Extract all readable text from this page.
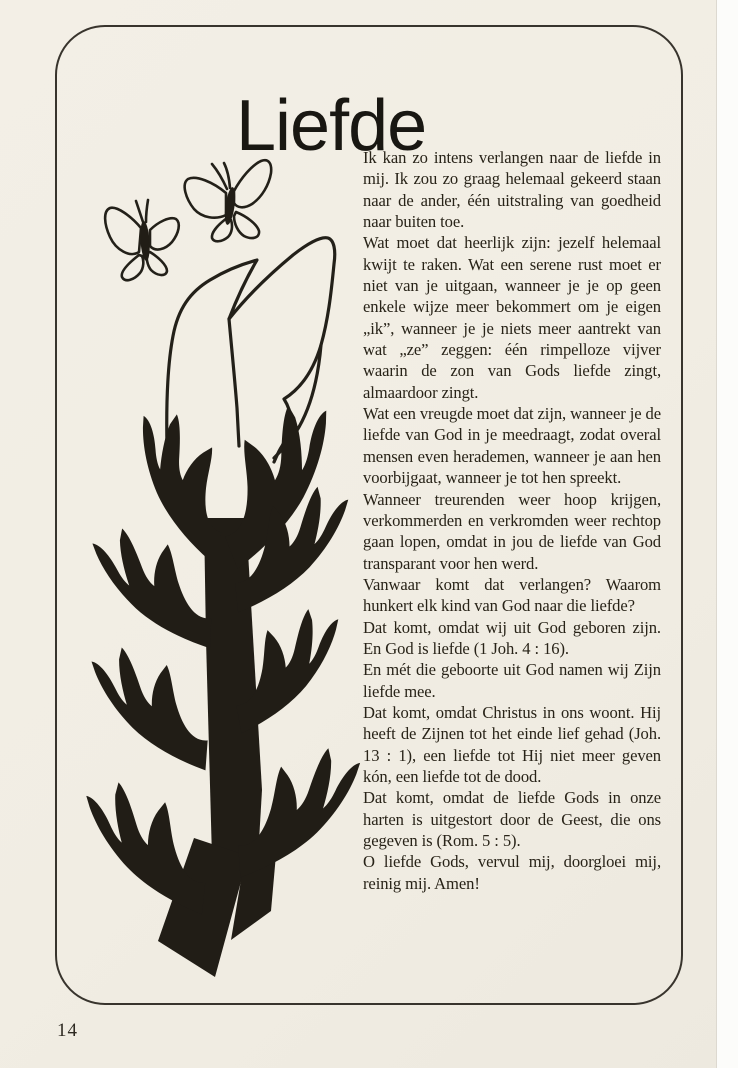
Liefde

Ik kan zo intens verlangen naar de liefde in mij. Ik zou zo graag helemaal gekeerd staan naar de ander, één uitstraling van goedheid naar buiten toe.

Wat moet dat heerlijk zijn: jezelf helemaal kwijt te raken. Wat een serene rust moet er niet van je uitgaan, wanneer je je op geen enkele wijze meer bekommert om je eigen „ik”, wanneer je je niets meer aantrekt van wat „ze” zeggen: één rimpelloze vijver waarin de zon van Gods liefde zingt, almaardoor zingt.

Wat een vreugde moet dat zijn, wanneer je de liefde van God in je meedraagt, zodat overal mensen even herademen, wanneer je aan hen voorbijgaat, wanneer je tot hen spreekt.

Wanneer treurenden weer hoop krijgen, verkommerden en verkromden weer rechtop gaan lopen, omdat in jou de liefde van God transparant voor hen werd.

Vanwaar komt dat verlangen? Waarom hunkert elk kind van God naar die liefde?

Dat komt, omdat wij uit God geboren zijn. En God is liefde (1 Joh. 4 : 16).

En mét die geboorte uit God namen wij Zijn liefde mee.

Dat komt, omdat Christus in ons woont. Hij heeft de Zijnen tot het einde lief gehad (Joh. 13 : 1), een liefde tot Hij niet meer geven kón, een liefde tot de dood.

Dat komt, omdat de liefde Gods in onze harten is uitgestort door de Geest, die ons gegeven is (Rom. 5 : 5).

O liefde Gods, vervul mij, doorgloei mij, reinig mij. Amen!

14
